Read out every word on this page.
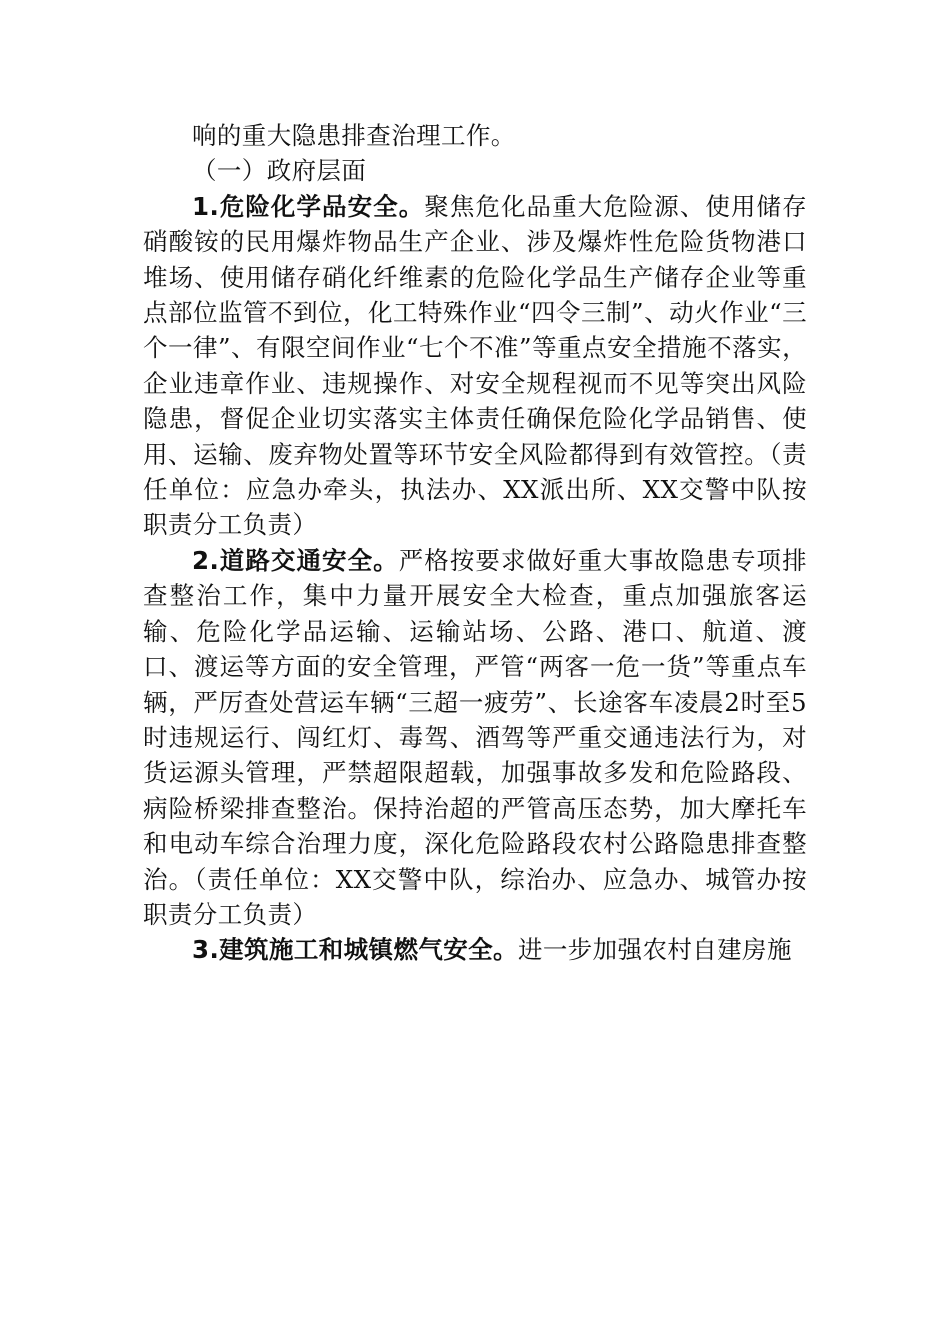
响的重大隐患排查治理工作。

（一）政府层面

1.危险化学品安全。聚焦危化品重大危险源、使用储存硝酸铵的民用爆炸物品生产企业、涉及爆炸性危险货物港口堆场、使用储存硝化纤维素的危险化学品生产储存企业等重点部位监管不到位，化工特殊作业“四令三制”、动火作业“三个一律”、有限空间作业“七个不准”等重点安全措施不落实，企业违章作业、违规操作、对安全规程视而不见等突出风险隐患，督促企业切实落实主体责任确保危险化学品销售、使用、运输、废弃物处置等环节安全风险都得到有效管控。（责任单位：应急办牵头，执法办、XX派出所、XX交警中队按职责分工负责）

2.道路交通安全。严格按要求做好重大事故隐患专项排查整治工作，集中力量开展安全大检查，重点加强旅客运输、危险化学品运输、运输站场、公路、港口、航道、渡口、渡运等方面的安全管理，严管“两客一危一货”等重点车辆，严厉查处营运车辆“三超一疲劳”、长途客车凌晨2时至5时违规运行、闯红灯、毒驾、酒驾等严重交通违法行为，对货运源头管理，严禁超限超载，加强事故多发和危险路段、病险桥梁排查整治。保持治超的严管高压态势，加大摩托车和电动车综合治理力度，深化危险路段农村公路隐患排查整治。（责任单位：XX交警中队，综治办、应急办、城管办按职责分工负责）

3.建筑施工和城镇燃气安全。进一步加强农村自建房施
